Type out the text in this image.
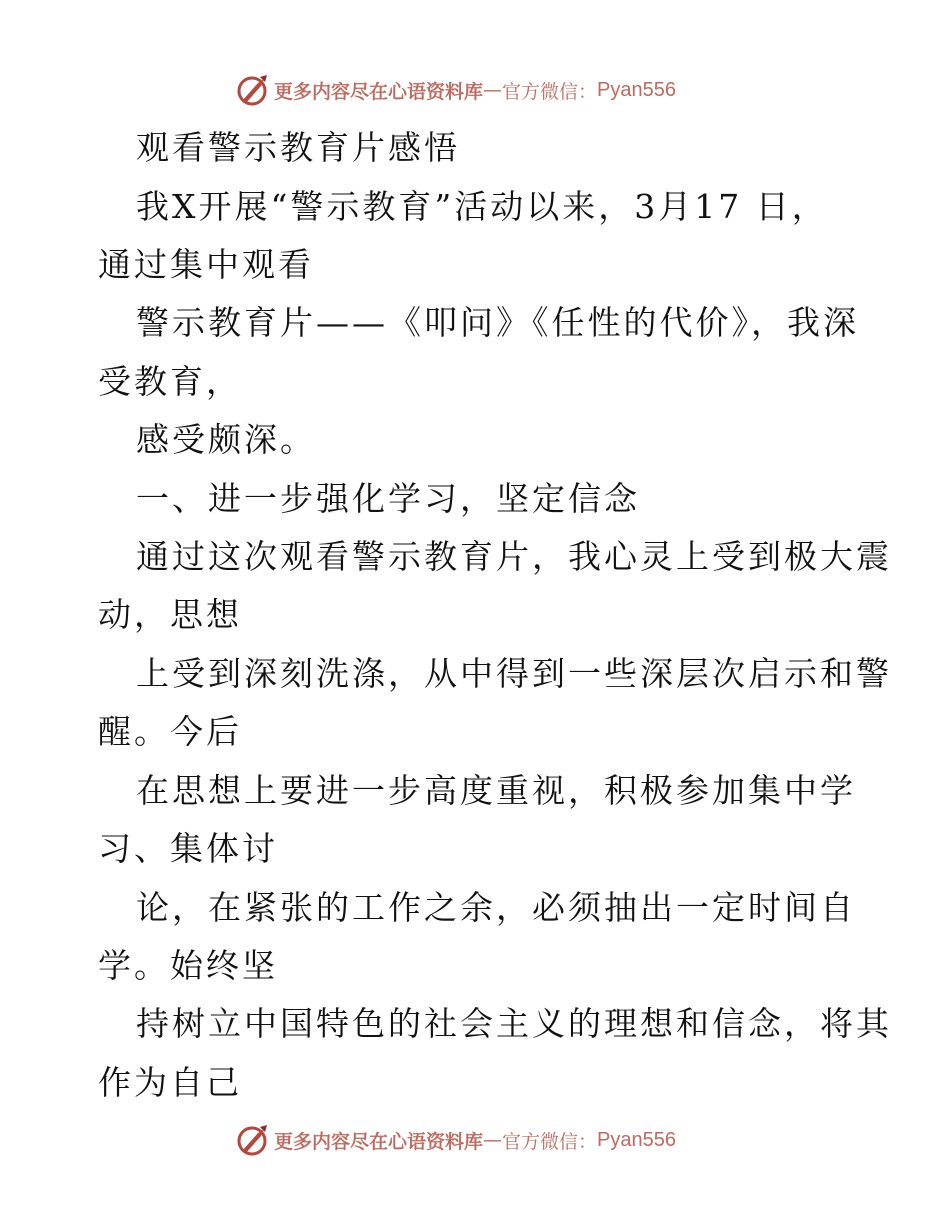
更多内容尽在心语资料库 — 官方微信： Pyan556
观看警示教育片感悟
我X开展“警示教育”活动以来，3月17 日，
通过集中观看
警示教育片——《叩问》《任性的代价》，我深
受教育，
感受颇深。
一、进一步强化学习，坚定信念
通过这次观看警示教育片，我心灵上受到极大震
动，思想
上受到深刻洗涤，从中得到一些深层次启示和警
醒。今后
在思想上要进一步高度重视，积极参加集中学
习、集体讨
论，在紧张的工作之余，必须抽出一定时间自
学。始终坚
持树立中国特色的社会主义的理想和信念，将其
作为自己
更多内容尽在心语资料库 — 官方微信： Pyan556
